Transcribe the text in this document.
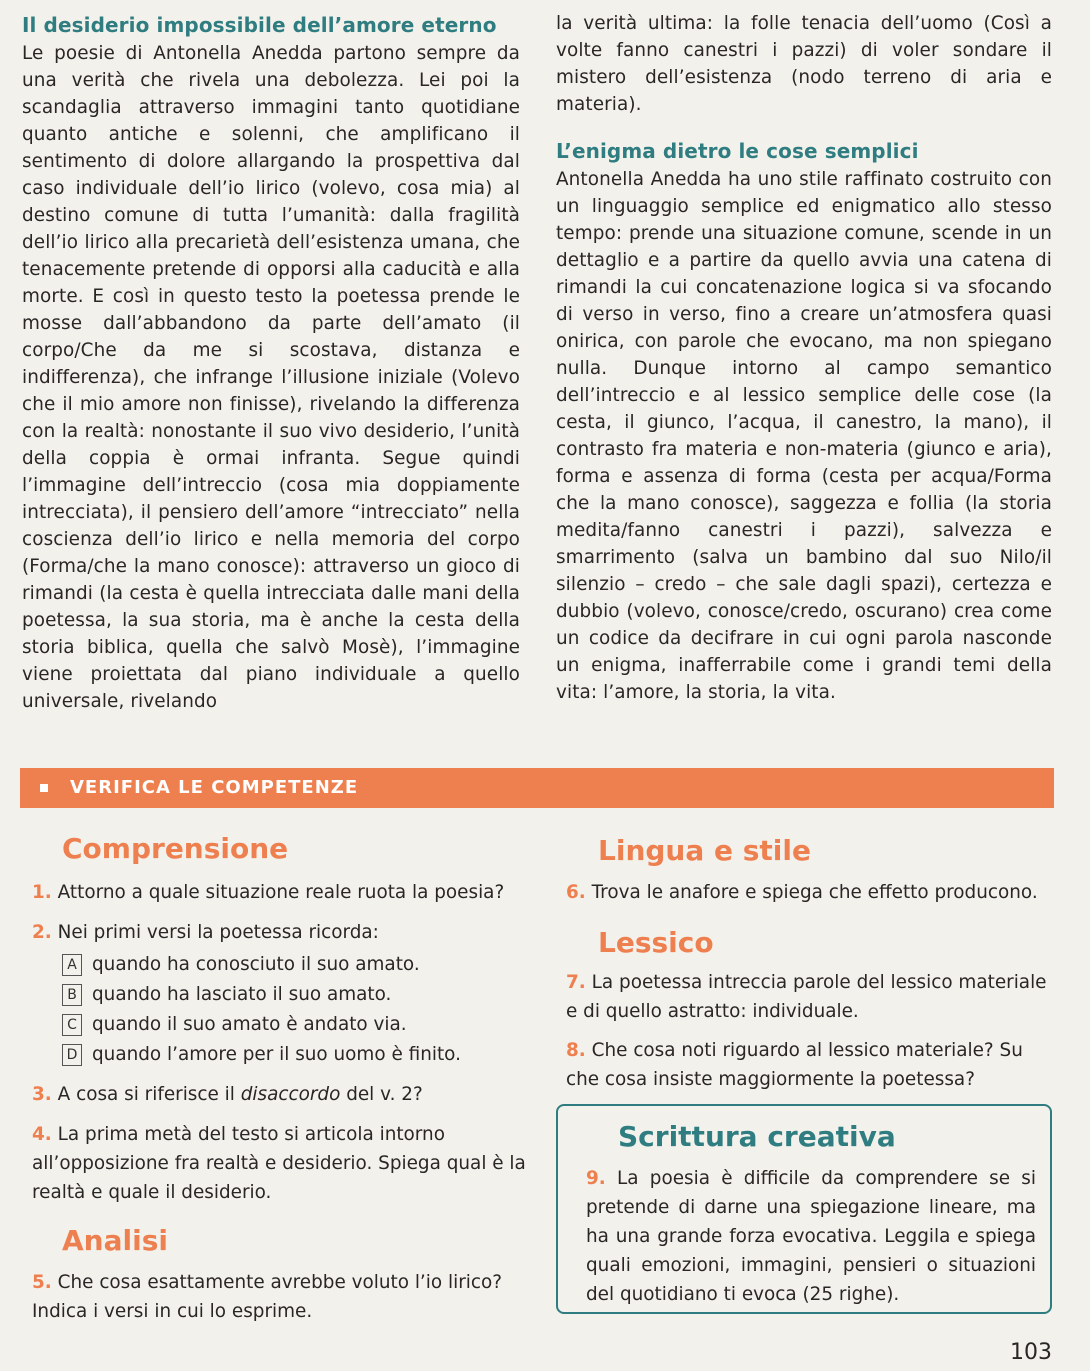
Il desiderio impossibile dell’amore eterno

Le poesie di Antonella Anedda partono sempre da una verità che rivela una debolezza. Lei poi la scandaglia attraverso immagini tanto quotidiane quanto antiche e solenni, che amplificano il sentimento di dolore allargando la prospettiva dal caso individuale dell’io lirico (volevo, cosa mia) al destino comune di tutta l’umanità: dalla fragilità dell’io lirico alla precarietà dell’esistenza umana, che tenacemente pretende di opporsi alla caducità e alla morte. E così in questo testo la poetessa prende le mosse dall’abbandono da parte dell’amato (il corpo/Che da me si scostava, distanza e indifferenza), che infrange l’illusione iniziale (Volevo che il mio amore non finisse), rivelando la differenza con la realtà: nonostante il suo vivo desiderio, l’unità della coppia è ormai infranta. Segue quindi l’immagine dell’intreccio (cosa mia doppiamente intrecciata), il pensiero dell’amore “intrecciato” nella coscienza dell’io lirico e nella memoria del corpo (Forma/che la mano conosce): attraverso un gioco di rimandi (la cesta è quella intrecciata dalle mani della poetessa, la sua storia, ma è anche la cesta della storia biblica, quella che salvò Mosè), l’immagine viene proiettata dal piano individuale a quello universale, rivelando

la verità ultima: la folle tenacia dell’uomo (Così a volte fanno canestri i pazzi) di voler sondare il mistero dell’esistenza (nodo terreno di aria e materia).

L’enigma dietro le cose semplici

Antonella Anedda ha uno stile raffinato costruito con un linguaggio semplice ed enigmatico allo stesso tempo: prende una situazione comune, scende in un dettaglio e a partire da quello avvia una catena di rimandi la cui concatenazione logica si va sfocando di verso in verso, fino a creare un’atmosfera quasi onirica, con parole che evocano, ma non spiegano nulla. Dunque intorno al campo semantico dell’intreccio e al lessico semplice delle cose (la cesta, il giunco, l’acqua, il canestro, la mano), il contrasto fra materia e non-materia (giunco e aria), forma e assenza di forma (cesta per acqua/Forma che la mano conosce), saggezza e follia (la storia medita/fanno canestri i pazzi), salvezza e smarrimento (salva un bambino dal suo Nilo/il silenzio – credo – che sale dagli spazi), certezza e dubbio (volevo, conosce/credo, oscurano) crea come un codice da decifrare in cui ogni parola nasconde un enigma, inafferrabile come i grandi temi della vita: l’amore, la storia, la vita.

VERIFICA LE COMPETENZE
Comprensione
1. Attorno a quale situazione reale ruota la poesia?
2. Nei primi versi la poetessa ricorda:
A quando ha conosciuto il suo amato.
B quando ha lasciato il suo amato.
C quando il suo amato è andato via.
D quando l’amore per il suo uomo è finito.
3. A cosa si riferisce il disaccordo del v. 2?
4. La prima metà del testo si articola intorno all’opposizione fra realtà e desiderio. Spiega qual è la realtà e quale il desiderio.
Analisi
5. Che cosa esattamente avrebbe voluto l’io lirico? Indica i versi in cui lo esprime.
Lingua e stile
6. Trova le anafore e spiega che effetto producono.
Lessico
7. La poetessa intreccia parole del lessico materiale e di quello astratto: individuale.
8. Che cosa noti riguardo al lessico materiale? Su che cosa insiste maggiormente la poetessa?
Scrittura creativa
9. La poesia è difficile da comprendere se si pretende di darne una spiegazione lineare, ma ha una grande forza evocativa. Leggila e spiega quali emozioni, immagini, pensieri o situazioni del quotidiano ti evoca (25 righe).
103
